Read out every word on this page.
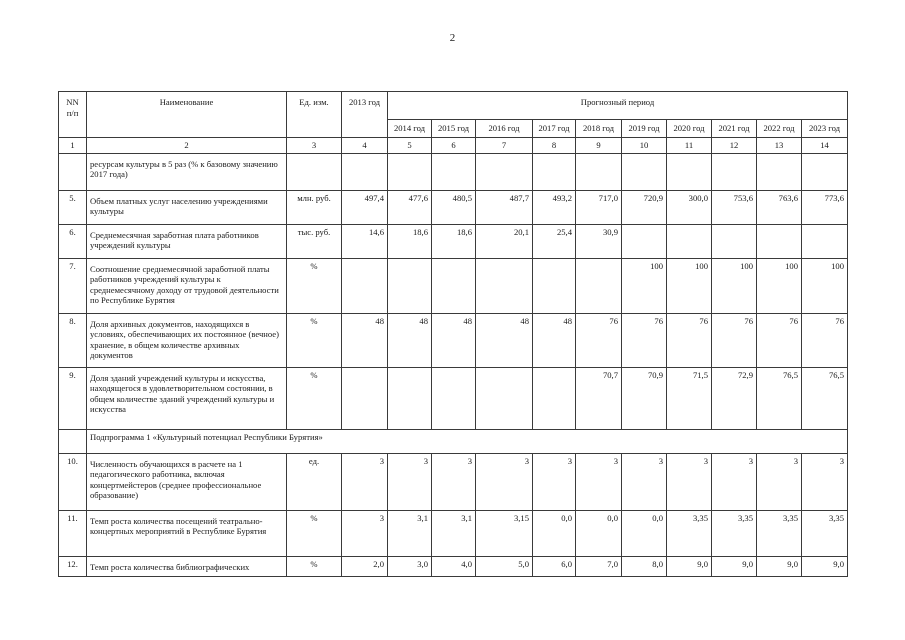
2
NN п/п	Наименование	Ед. изм.	2013 год	Прогнозный период									
				2014 год	2015 год	2016 год	2017 год	2018 год	2019 год	2020 год	2021 год	2022 год	2023 год
1	2	3	4	5	6	7	8	9	10	11	12	13	14
	ресурсам культуры в 5 раз (% к базовому значению 2017 года)												
5.	Объем платных услуг населению учреждениями культуры	млн. руб.	497,4	477,6	480,5	487,7	493,2	717,0	720,9	300,0	753,6	763,6	773,6
6.	Среднемесячная заработная плата работников учреждений культуры	тыс. руб.	14,6	18,6	18,6	20,1	25,4	30,9					
7.	Соотношение среднемесячной заработной платы работников учреждений культуры к среднемесячному доходу от трудовой деятельности по Республике Бурятия	%							100	100	100	100	100
8.	Доля архивных документов, находящихся в условиях, обеспечивающих их постоянное (вечное) хранение, в общем количестве архивных документов	%	48	48	48	48	48	76	76	76	76	76	76
9.	Доля зданий учреждений культуры и искусства, находящегося в удовлетворительном состоянии, в общем количестве зданий учреждений культуры и искусства	%						70,7	70,9	71,5	72,9	76,5	76,5
	Подпрограмма 1 «Культурный потенциал Республики Бурятия»												
10.	Численность обучающихся в расчете на 1 педагогического работника, включая концертмейстеров (среднее профессиональное образование)	ед.	3	3	3	3	3	3	3	3	3	3	3
11.	Темп роста количества посещений театрально-концертных мероприятий в Республике Бурятия	%	3	3,1	3,1	3,15	0,0	0,0	0,0	3,35	3,35	3,35	3,35
12.	Темп роста количества библиографических	%	2,0	3,0	4,0	5,0	6,0	7,0	8,0	9,0	9,0	9,0	9,0
